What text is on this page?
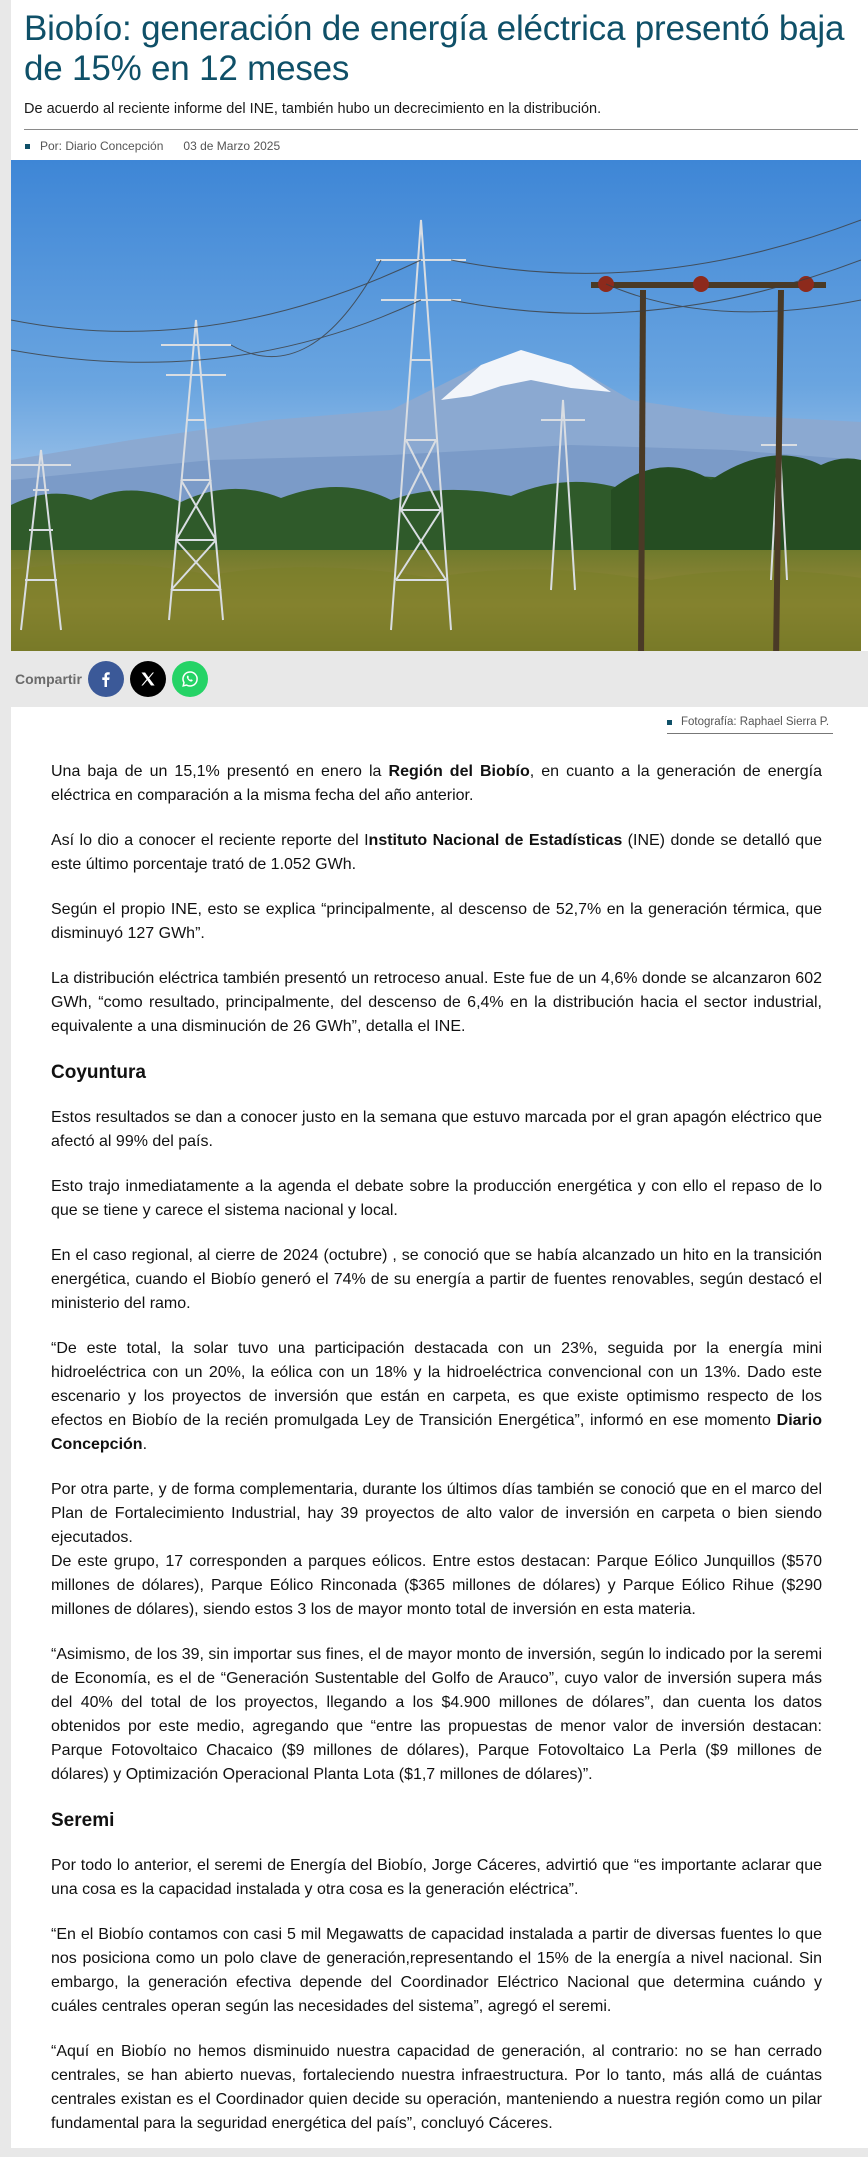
Biobío: generación de energía eléctrica presentó baja de 15% en 12 meses

De acuerdo al reciente informe del INE, también hubo un decrecimiento en la distribución.

Por: Diario Concepción 03 de Marzo 2025
Compartir
Fotografía: Raphael Sierra P.

Una baja de un 15,1% presentó en enero la Región del Biobío, en cuanto a la generación de energía eléctrica en comparación a la misma fecha del año anterior.

Así lo dio a conocer el reciente reporte del Instituto Nacional de Estadísticas (INE) donde se detalló que este último porcentaje trató de 1.052 GWh.

Según el propio INE, esto se explica “principalmente, al descenso de 52,7% en la generación térmica, que disminuyó 127 GWh”.

La distribución eléctrica también presentó un retroceso anual. Este fue de un 4,6% donde se alcanzaron 602 GWh, “como resultado, principalmente, del descenso de 6,4% en la distribución hacia el sector industrial, equivalente a una disminución de 26 GWh”, detalla el INE.

Coyuntura

Estos resultados se dan a conocer justo en la semana que estuvo marcada por el gran apagón eléctrico que afectó al 99% del país.

Esto trajo inmediatamente a la agenda el debate sobre la producción energética y con ello el repaso de lo que se tiene y carece el sistema nacional y local.

En el caso regional, al cierre de 2024 (octubre) , se conoció que se había alcanzado un hito en la transición energética, cuando el Biobío generó el 74% de su energía a partir de fuentes renovables, según destacó el ministerio del ramo.

“De este total, la solar tuvo una participación destacada con un 23%, seguida por la energía mini hidroeléctrica con un 20%, la eólica con un 18% y la hidroeléctrica convencional con un 13%. Dado este escenario y los proyectos de inversión que están en carpeta, es que existe optimismo respecto de los efectos en Biobío de la recién promulgada Ley de Transición Energética”, informó en ese momento Diario Concepción.

Por otra parte, y de forma complementaria, durante los últimos días también se conoció que en el marco del Plan de Fortalecimiento Industrial, hay 39 proyectos de alto valor de inversión en carpeta o bien siendo ejecutados.
De este grupo, 17 corresponden a parques eólicos. Entre estos destacan: Parque Eólico Junquillos ($570 millones de dólares), Parque Eólico Rinconada ($365 millones de dólares) y Parque Eólico Rihue ($290 millones de dólares), siendo estos 3 los de mayor monto total de inversión en esta materia.

“Asimismo, de los 39, sin importar sus fines, el de mayor monto de inversión, según lo indicado por la seremi de Economía, es el de “Generación Sustentable del Golfo de Arauco”, cuyo valor de inversión supera más del 40% del total de los proyectos, llegando a los $4.900 millones de dólares”, dan cuenta los datos obtenidos por este medio, agregando que “entre las propuestas de menor valor de inversión destacan: Parque Fotovoltaico Chacaico ($9 millones de dólares), Parque Fotovoltaico La Perla ($9 millones de dólares) y Optimización Operacional Planta Lota ($1,7 millones de dólares)”.

Seremi

Por todo lo anterior, el seremi de Energía del Biobío, Jorge Cáceres, advirtió que “es importante aclarar que una cosa es la capacidad instalada y otra cosa es la generación eléctrica”.

“En el Biobío contamos con casi 5 mil Megawatts de capacidad instalada a partir de diversas fuentes lo que nos posiciona como un polo clave de generación,representando el 15% de la energía a nivel nacional. Sin embargo, la generación efectiva depende del Coordinador Eléctrico Nacional que determina cuándo y cuáles centrales operan según las necesidades del sistema”, agregó el seremi.

“Aquí en Biobío no hemos disminuido nuestra capacidad de generación, al contrario: no se han cerrado centrales, se han abierto nuevas, fortaleciendo nuestra infraestructura. Por lo tanto, más allá de cuántas centrales existan es el Coordinador quien decide su operación, manteniendo a nuestra región como un pilar fundamental para la seguridad energética del país”, concluyó Cáceres.
